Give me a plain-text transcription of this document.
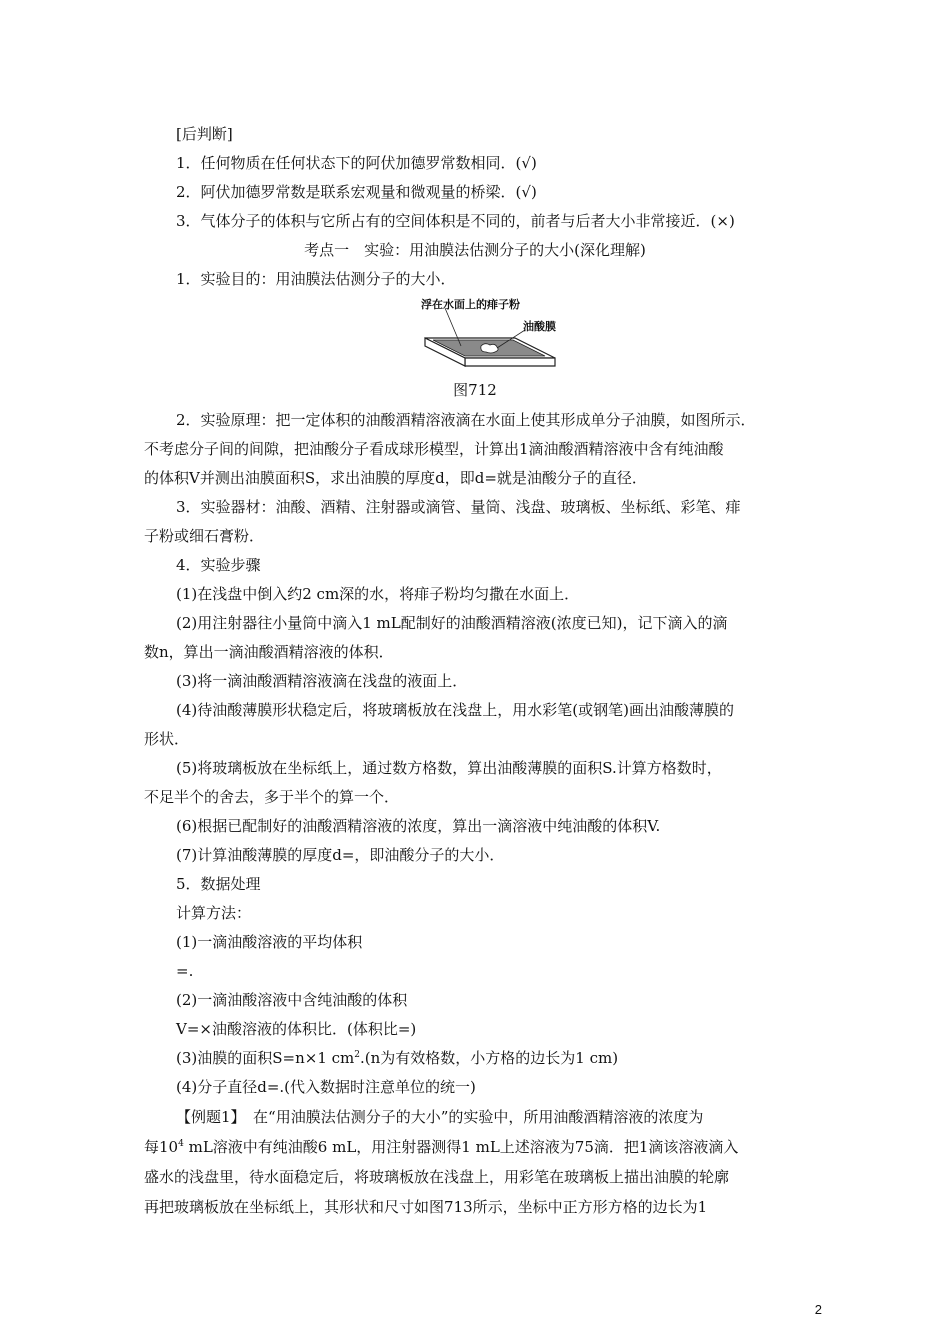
[后判断]
1．任何物质在任何状态下的阿伏加德罗常数相同．(√)
2．阿伏加德罗常数是联系宏观量和微观量的桥梁．(√)
3．气体分子的体积与它所占有的空间体积是不同的，前者与后者大小非常接近．(×)
考点一　实验：用油膜法估测分子的大小(深化理解)
1．实验目的：用油膜法估测分子的大小．
浮在水面上的痱子粉
油酸膜
图712
2．实验原理：把一定体积的油酸酒精溶液滴在水面上使其形成单分子油膜，如图所示．
不考虑分子间的间隙，把油酸分子看成球形模型，计算出1滴油酸酒精溶液中含有纯油酸
的体积V并测出油膜面积S，求出油膜的厚度d，即d=就是油酸分子的直径．
3．实验器材：油酸、酒精、注射器或滴管、量筒、浅盘、玻璃板、坐标纸、彩笔、痱
子粉或细石膏粉．
4．实验步骤
(1)在浅盘中倒入约2 cm深的水，将痱子粉均匀撒在水面上．
(2)用注射器往小量筒中滴入1 mL配制好的油酸酒精溶液(浓度已知)，记下滴入的滴
数n，算出一滴油酸酒精溶液的体积．
(3)将一滴油酸酒精溶液滴在浅盘的液面上．
(4)待油酸薄膜形状稳定后，将玻璃板放在浅盘上，用水彩笔(或钢笔)画出油酸薄膜的
形状．
(5)将玻璃板放在坐标纸上，通过数方格数，算出油酸薄膜的面积S.计算方格数时，
不足半个的舍去，多于半个的算一个．
(6)根据已配制好的油酸酒精溶液的浓度，算出一滴溶液中纯油酸的体积V.
(7)计算油酸薄膜的厚度d=，即油酸分子的大小．
5．数据处理
计算方法：
(1)一滴油酸溶液的平均体积
=.
(2)一滴油酸溶液中含纯油酸的体积
V=×油酸溶液的体积比．(体积比=)
(3)油膜的面积S=n×1 $cm^2.(n$为有效格数，小方格的边长为1 cm)
(4)分子直径d=.(代入数据时注意单位的统一)
【例题1】　在“用油膜法估测分子的大小”的实验中，所用油酸酒精溶液的浓度为
每$10^4$ mL溶液中有纯油酸6 mL，用注射器测得1 mL上述溶液为75滴．把1滴该溶液滴入
盛水的浅盘里，待水面稳定后，将玻璃板放在浅盘上，用彩笔在玻璃板上描出油膜的轮廓
再把玻璃板放在坐标纸上，其形状和尺寸如图713所示，坐标中正方形方格的边长为1
2
